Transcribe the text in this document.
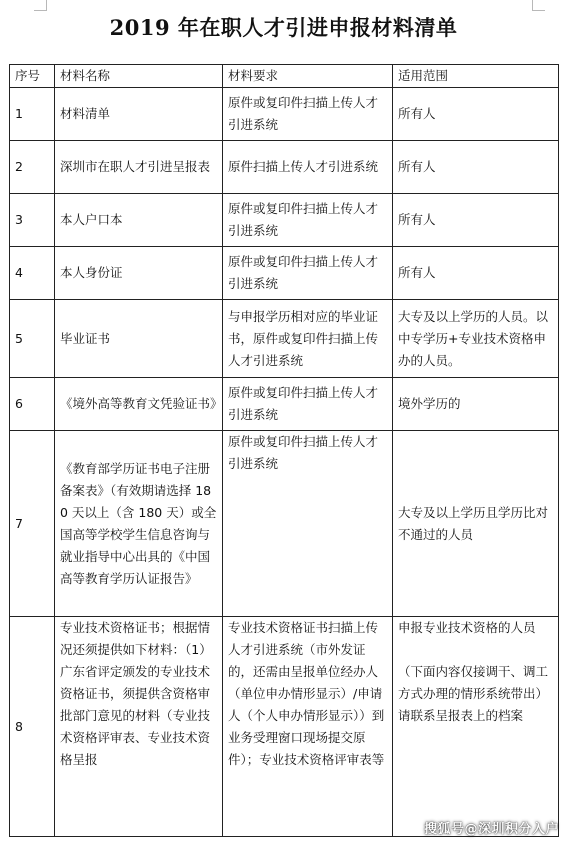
2019 年在职人才引进申报材料清单
序号	材料名称	材料要求	适用范围
1	材料清单	原件或复印件扫描上传人才引进系统	所有人
2	深圳市在职人才引进呈报表	原件扫描上传人才引进系统	所有人
3	本人户口本	原件或复印件扫描上传人才引进系统	所有人
4	本人身份证	原件或复印件扫描上传人才引进系统	所有人
5	毕业证书	与申报学历相对应的毕业证书，原件或复印件扫描上传人才引进系统	大专及以上学历的人员。以中专学历+专业技术资格申办的人员。
6	《境外高等教育文凭验证书》	原件或复印件扫描上传人才引进系统	境外学历的
7	《教育部学历证书电子注册备案表》（有效期请选择 180 天以上（含 180 天）或全国高等学校学生信息咨询与就业指导中心出具的《中国高等教育学历认证报告》	原件或复印件扫描上传人才引进系统	大专及以上学历且学历比对不通过的人员
8	专业技术资格证书；根据情况还须提供如下材料：（1）广东省评定颁发的专业技术资格证书，须提供含资格审批部门意见的材料（专业技术资格评审表、专业技术资格呈报	专业技术资格证书扫描上传人才引进系统（市外发证的，还需由呈报单位经办人（单位申办情形显示）/申请人（个人申办情形显示））到业务受理窗口现场提交原件）；专业技术资格评审表等	申报专业技术资格的人员
（下面内容仅接调干、调工方式办理的情形系统带出）
请联系呈报表上的档案
搜狐号@深圳积分入户
